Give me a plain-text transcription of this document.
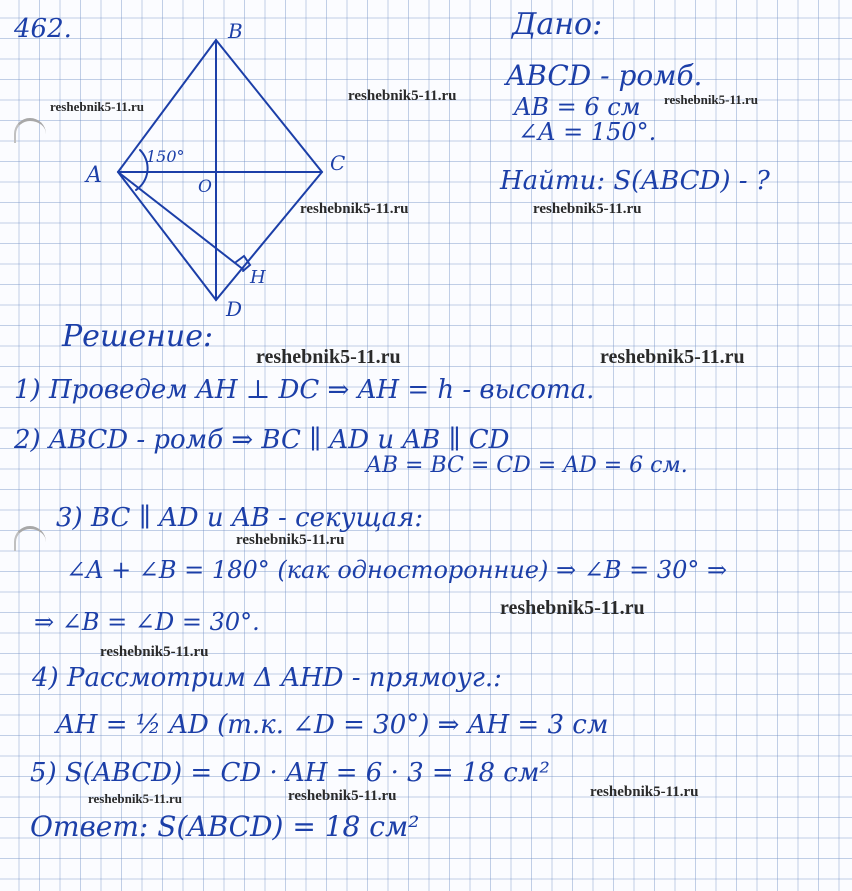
462.	B
A	C
D
O
H
150°
Дано:
ABCD - ромб.
AB = 6 см
∠A = 150°.
Найти: S(ABCD) - ?
Решение:
1) Проведем AH ⊥ DC ⇒ AH = h - высота.
2) ABCD - ромб ⇒ BC ∥ AD и AB ∥ CD
AB = BC = CD = AD = 6 см.
3) BC ∥ AD и AB - секущая:
∠A + ∠B = 180° (как односторонние) ⇒ ∠B = 30° ⇒
⇒ ∠B = ∠D = 30°.
4) Рассмотрим Δ AHD - прямоуг.:
AH = ½ AD (т.к. ∠D = 30°) ⇒ AH = 3 см
5) S(ABCD) = CD · AH = 6 · 3 = 18 см²
Ответ: S(ABCD) = 18 см²
reshebnik5-11.ru
reshebnik5-11.ru	reshebnik5-11.ru
reshebnik5-11.ru	reshebnik5-11.ru
reshebnik5-11.ru	reshebnik5-11.ru
reshebnik5-11.ru
reshebnik5-11.ru
reshebnik5-11.ru
reshebnik5-11.ru	reshebnik5-11.ru	reshebnik5-11.ru
